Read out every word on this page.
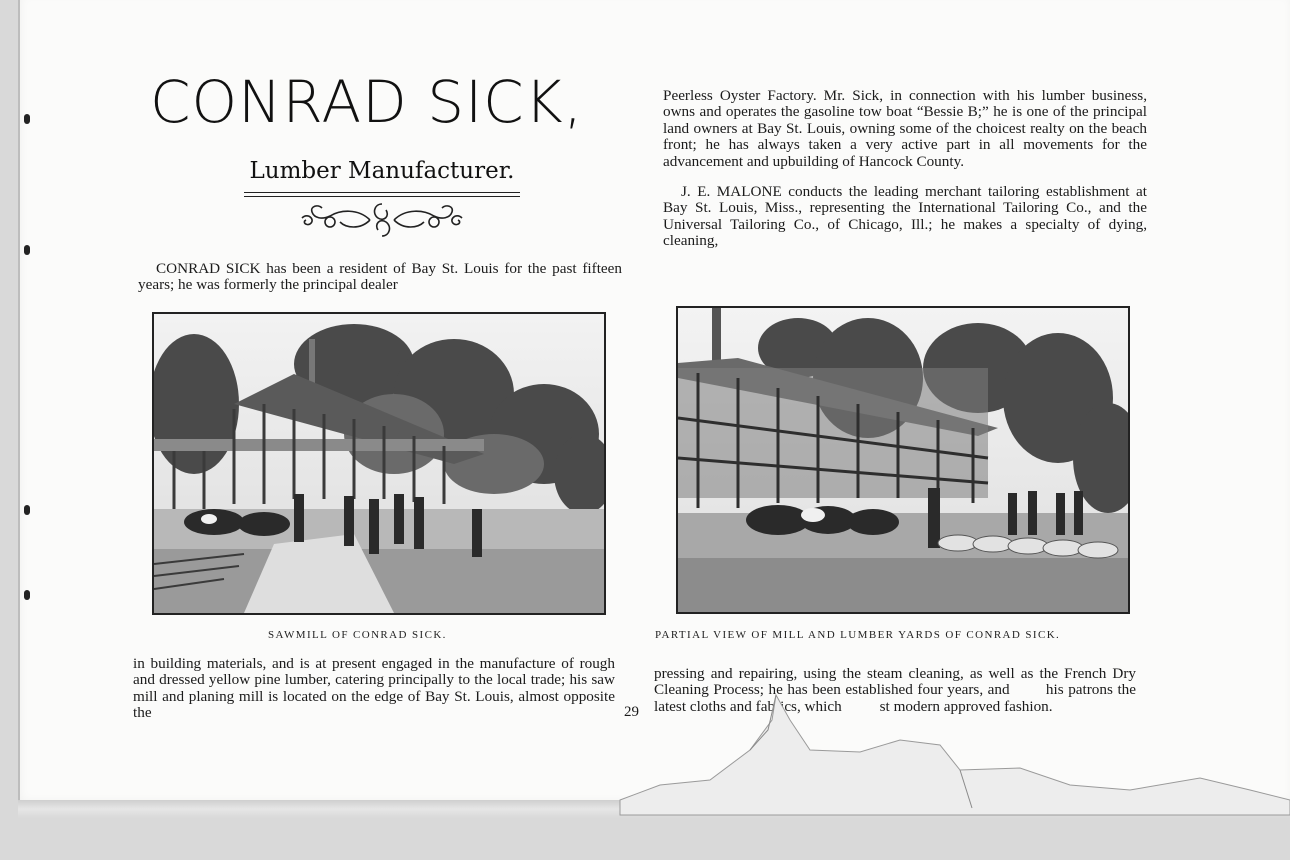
CONRAD SICK,
Lumber Manufacturer.

CONRAD SICK has been a resident of Bay St. Louis for the past fifteen years; he was formerly the principal dealer

SAWMILL OF CONRAD SICK.

in building materials, and is at present engaged in the manufacture of rough and dressed yellow pine lumber, catering principally to the local trade; his saw mill and planing mill is located on the edge of Bay St. Louis, almost opposite the	29

Peerless Oyster Factory. Mr. Sick, in connection with his lumber business, owns and operates the gasoline tow boat “Bessie B;” he is one of the principal land owners at Bay St. Louis, owning some of the choicest realty on the beach front; he has always taken a very active part in all movements for the advancement and upbuilding of Hancock County.

J. E. MALONE conducts the leading merchant tailoring establishment at Bay St. Louis, Miss., representing the International Tailoring Co., and the Universal Tailoring Co., of Chicago, Ill.; he makes a specialty of dying, cleaning,

PARTIAL VIEW OF MILL AND LUMBER YARDS OF CONRAD SICK.

pressing and repairing, using the steam cleaning, as well as the French Dry Cleaning Process; he has been established four years, and        his patrons the latest cloths and fabrics, which          st modern approved fashion.
